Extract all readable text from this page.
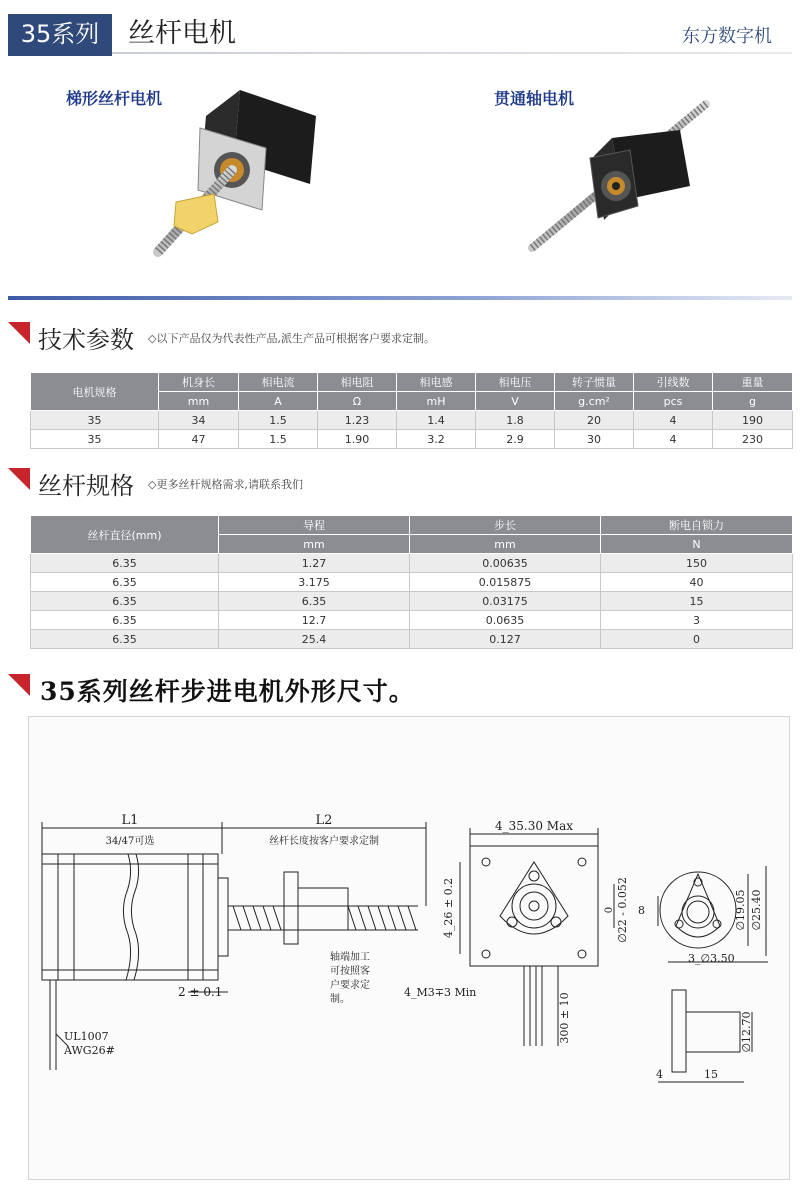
35系列	丝杆电机	东方数字机
梯形丝杆电机	贯通轴电机
技术参数 ◇以下产品仅为代表性产品,派生产品可根据客户要求定制。
电机规格	机身长	相电流	相电阻	相电感	相电压	转子惯量	引线数	重量
	mm	A	Ω	mH	V	g.cm²	pcs	g
35	34	1.5	1.23	1.4	1.8	20	4	190
35	47	1.5	1.90	3.2	2.9	30	4	230
丝杆规格 ◇更多丝杆规格需求,请联系我们
丝杆直径(mm)	导程	步长	断电自锁力
	mm	mm	N
6.35	1.27	0.00635	150
6.35	3.175	0.015875	40
6.35	6.35	0.03175	15
6.35	12.7	0.0635	3
6.35	25.4	0.127	0
35系列丝杆步进电机外形尺寸。
L1
34/47可选
L2
丝杆长度按客户要求定制
轴端加工
可按照客
户要求定
制。
2 ± 0.1
UL1007
AWG26#
4_35.30 Max
4_26 ± 0.2	0 ∅22 - 0.052
4_M3∓3 Min	300 ± 10
8	∅19.05 ∅25.40
3_∅3.50
∅12.70
4	15
